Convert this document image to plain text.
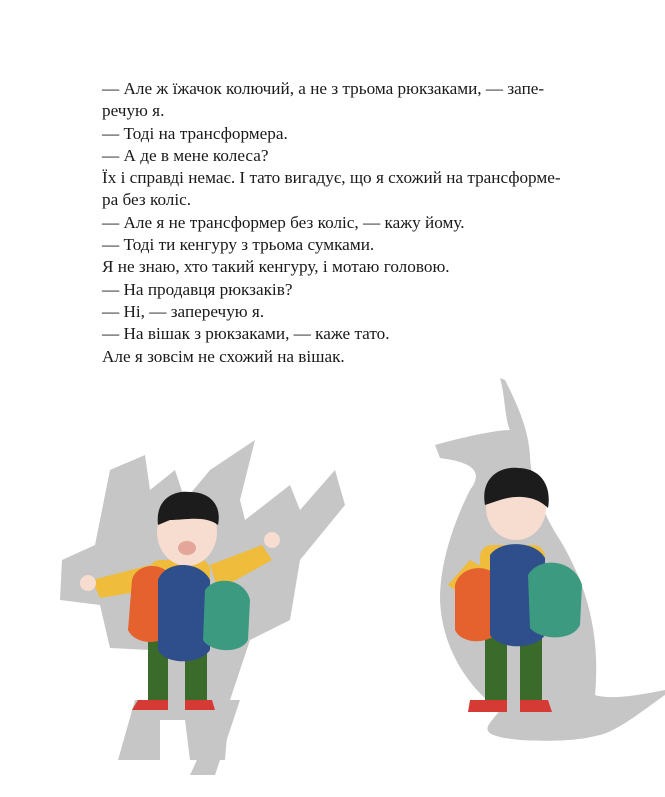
— Але ж їжачок колючий, а не з трьома рюкзаками, — запе-

речую я.

— Тоді на трансформера.

— А де в мене колеса?

Їх і справді немає. І тато вигадує, що я схожий на трансформе-

ра без коліс.

— Але я не трансформер без коліс, — кажу йому.

— Тоді ти кенгуру з трьома сумками.

Я не знаю, хто такий кенгуру, і мотаю головою.

— На продавця рюкзаків?

— Ні, — заперечую я.

— На вішак з рюкзаками, — каже тато.

Але я зовсім не схожий на вішак.
